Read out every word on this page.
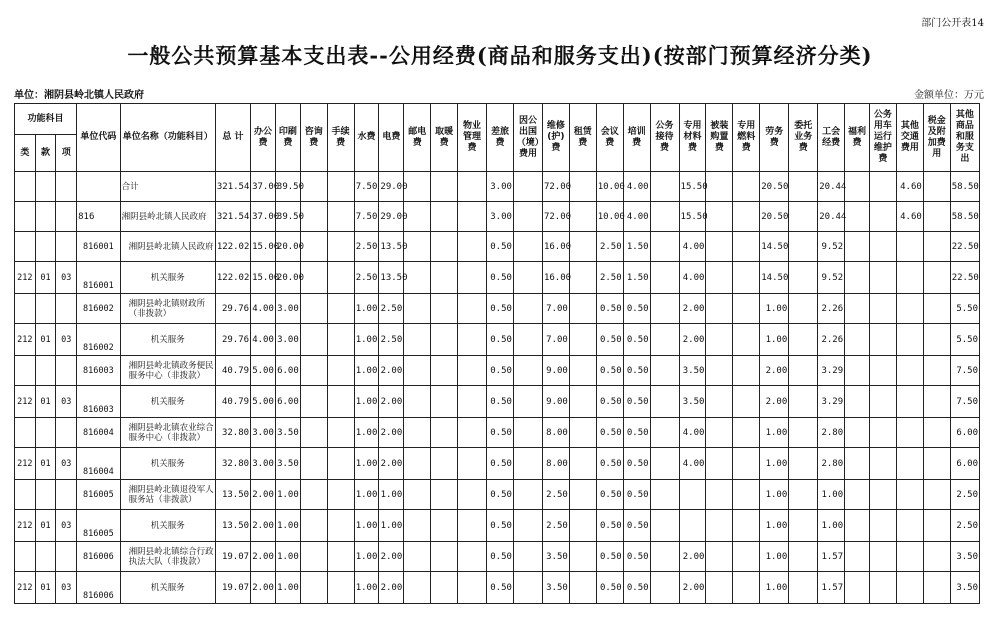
部门公开表14
一般公共预算基本支出表--公用经费(商品和服务支出)(按部门预算经济分类)
单位：湘阴县岭北镇人民政府	金额单位：万元
功能科目			单位代码	单位名称（功能科目）	总 计	办公费	印刷费	咨询费	手续费	水费	电费	邮电费	取暖费	物业管理费	差旅费	因公出国（境）费用	维修(护)费	租赁费	会议费	培训费	公务接待费	专用材料费	被装购置费	专用燃料费	劳务费	委托业务费	工会经费	福利费	公务用车运行维护费	其他交通费用	税金及附加费用	其他商品和服务支出
类	款	项																														
				合计	321.54	37.00	39.50			7.50	29.00				3.00		72.00		10.00	4.00		15.50			20.50		20.44			4.60		58.50
			816	湘阴县岭北镇人民政府	321.54	37.00	39.50			7.50	29.00				3.00		72.00		10.00	4.00		15.50			20.50		20.44			4.60		58.50
			816001	湘阴县岭北镇人民政府	122.02	15.00	20.00			2.50	13.50				0.50		16.00		2.50	1.50		4.00			14.50		9.52					22.50
212	01	03	816001	机关服务	122.02	15.00	20.00			2.50	13.50				0.50		16.00		2.50	1.50		4.00			14.50		9.52					22.50
			816002	湘阴县岭北镇财政所（非拨款）	29.76	4.00	3.00			1.00	2.50				0.50		7.00		0.50	0.50		2.00			1.00		2.26					5.50
212	01	03	816002	机关服务	29.76	4.00	3.00			1.00	2.50				0.50		7.00		0.50	0.50		2.00			1.00		2.26					5.50
			816003	湘阴县岭北镇政务便民服务中心（非拨款）	40.79	5.00	6.00			1.00	2.00				0.50		9.00		0.50	0.50		3.50			2.00		3.29					7.50
212	01	03	816003	机关服务	40.79	5.00	6.00			1.00	2.00				0.50		9.00		0.50	0.50		3.50			2.00		3.29					7.50
			816004	湘阴县岭北镇农业综合服务中心（非拨款）	32.80	3.00	3.50			1.00	2.00				0.50		8.00		0.50	0.50		4.00			1.00		2.80					6.00
212	01	03	816004	机关服务	32.80	3.00	3.50			1.00	2.00				0.50		8.00		0.50	0.50		4.00			1.00		2.80					6.00
			816005	湘阴县岭北镇退役军人服务站（非拨款）	13.50	2.00	1.00			1.00	1.00				0.50		2.50		0.50	0.50					1.00		1.00					2.50
212	01	03	816005	机关服务	13.50	2.00	1.00			1.00	1.00				0.50		2.50		0.50	0.50					1.00		1.00					2.50
			816006	湘阴县岭北镇综合行政执法大队（非拨款）	19.07	2.00	1.00			1.00	2.00				0.50		3.50		0.50	0.50		2.00			1.00		1.57					3.50
212	01	03	816006	机关服务	19.07	2.00	1.00			1.00	2.00				0.50		3.50		0.50	0.50		2.00			1.00		1.57					3.50
